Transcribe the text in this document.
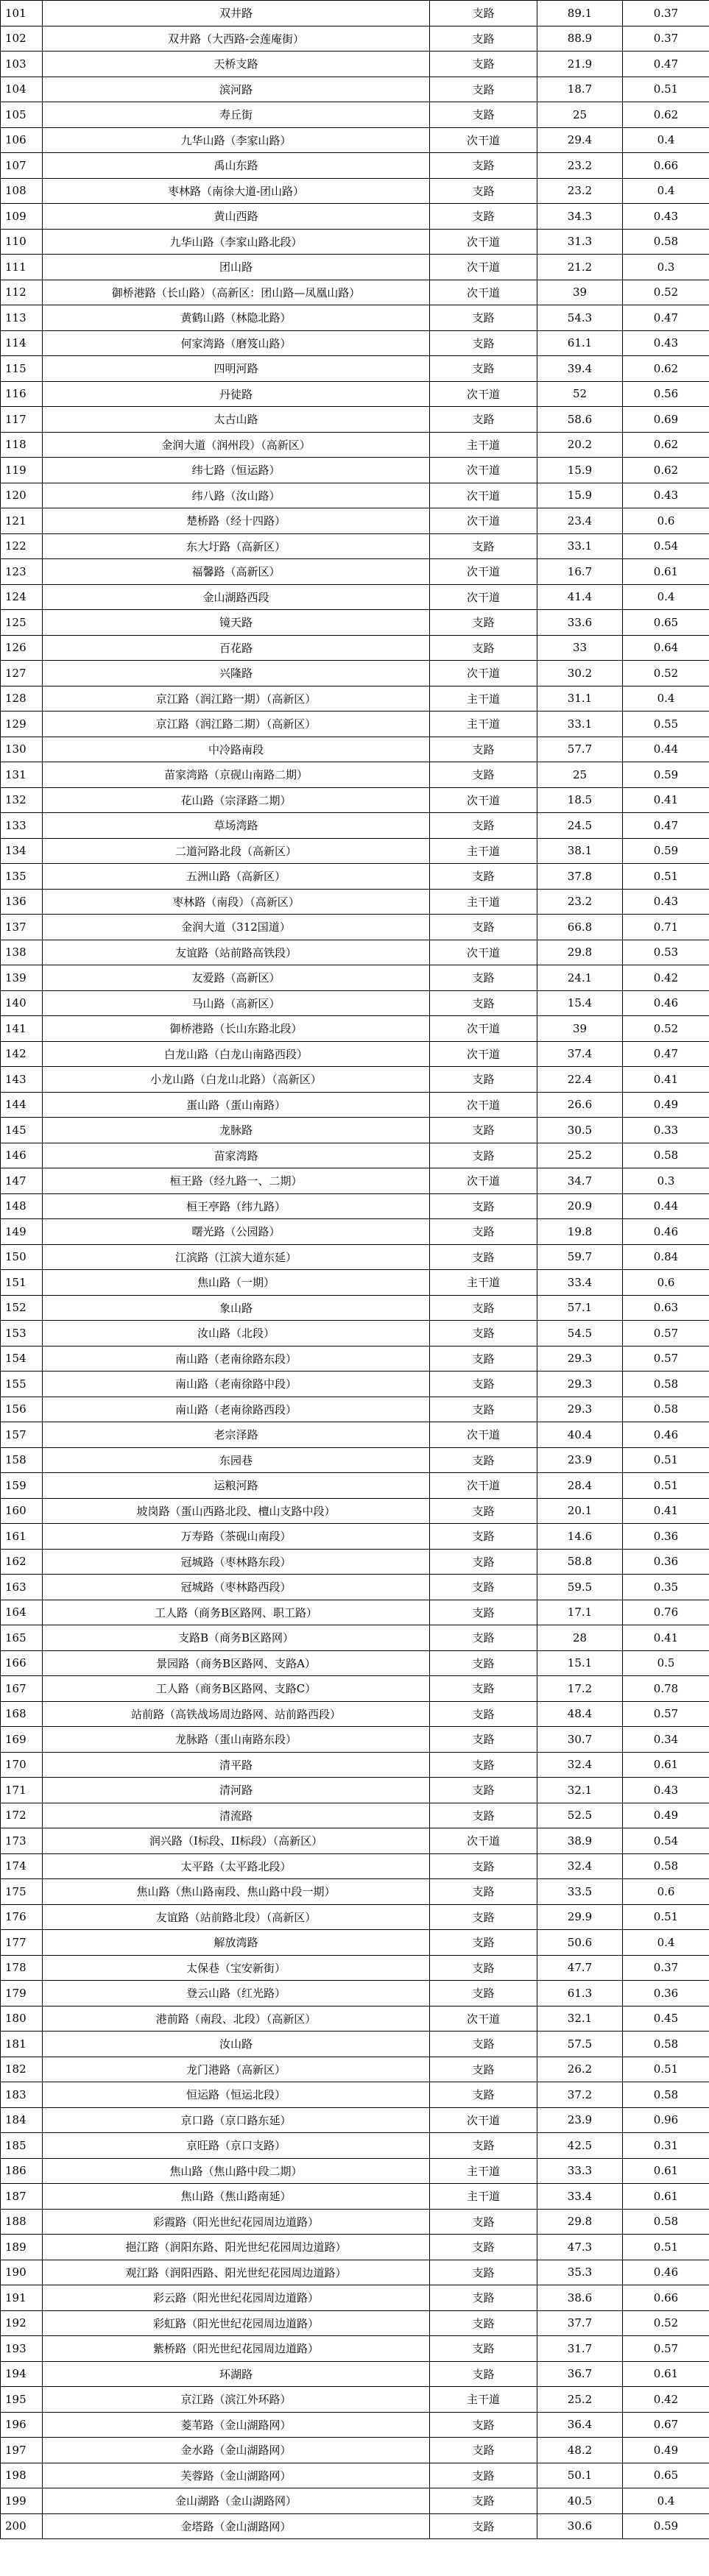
101	双井路	支路	89.1	0.37
102	双井路（大西路-会莲庵街）	支路	88.9	0.37
103	天桥支路	支路	21.9	0.47
104	滨河路	支路	18.7	0.51
105	寿丘街	支路	25	0.62
106	九华山路（李家山路）	次干道	29.4	0.4
107	禹山东路	支路	23.2	0.66
108	枣林路（南徐大道-团山路）	支路	23.2	0.4
109	黄山西路	支路	34.3	0.43
110	九华山路（李家山路北段）	次干道	31.3	0.58
111	团山路	次干道	21.2	0.3
112	御桥港路（长山路）（高新区：团山路—凤凰山路）	次干道	39	0.52
113	黄鹤山路（林隐北路）	支路	54.3	0.47
114	何家湾路（磨笈山路）	支路	61.1	0.43
115	四明河路	支路	39.4	0.62
116	丹徒路	次干道	52	0.56
117	太古山路	支路	58.6	0.69
118	金润大道（润州段）（高新区）	主干道	20.2	0.62
119	纬七路（恒运路）	次干道	15.9	0.62
120	纬八路（汝山路）	次干道	15.9	0.43
121	楚桥路（经十四路）	次干道	23.4	0.6
122	东大圩路（高新区）	支路	33.1	0.54
123	福馨路（高新区）	次干道	16.7	0.61
124	金山湖路西段	次干道	41.4	0.4
125	镜天路	支路	33.6	0.65
126	百花路	支路	33	0.64
127	兴隆路	次干道	30.2	0.52
128	京江路（润江路一期）（高新区）	主干道	31.1	0.4
129	京江路（润江路二期）（高新区）	主干道	33.1	0.55
130	中冷路南段	支路	57.7	0.44
131	苗家湾路（京砚山南路二期）	支路	25	0.59
132	花山路（宗泽路二期）	次干道	18.5	0.41
133	草场湾路	支路	24.5	0.47
134	二道河路北段（高新区）	主干道	38.1	0.59
135	五洲山路（高新区）	支路	37.8	0.51
136	枣林路（南段）（高新区）	主干道	23.2	0.43
137	金润大道（312国道）	支路	66.8	0.71
138	友谊路（站前路高铁段）	次干道	29.8	0.53
139	友爱路（高新区）	支路	24.1	0.42
140	马山路（高新区）	支路	15.4	0.46
141	御桥港路（长山东路北段）	次干道	39	0.52
142	白龙山路（白龙山南路西段）	次干道	37.4	0.47
143	小龙山路（白龙山北路）（高新区）	支路	22.4	0.41
144	蛋山路（蛋山南路）	次干道	26.6	0.49
145	龙脉路	支路	30.5	0.33
146	苗家湾路	支路	25.2	0.58
147	桓王路（经九路一、二期）	次干道	34.7	0.3
148	桓王亭路（纬九路）	支路	20.9	0.44
149	曙光路（公园路）	支路	19.8	0.46
150	江滨路（江滨大道东延）	支路	59.7	0.84
151	焦山路（一期）	主干道	33.4	0.6
152	象山路	支路	57.1	0.63
153	汝山路（北段）	支路	54.5	0.57
154	南山路（老南徐路东段）	支路	29.3	0.57
155	南山路（老南徐路中段）	支路	29.3	0.58
156	南山路（老南徐路西段）	支路	29.3	0.58
157	老宗泽路	次干道	40.4	0.46
158	东园巷	支路	23.9	0.51
159	运粮河路	次干道	28.4	0.51
160	坡岗路（蛋山西路北段、檀山支路中段）	支路	20.1	0.41
161	万寿路（茶砚山南段）	支路	14.6	0.36
162	冠城路（枣林路东段）	支路	58.8	0.36
163	冠城路（枣林路西段）	支路	59.5	0.35
164	工人路（商务B区路网、职工路）	支路	17.1	0.76
165	支路B（商务B区路网）	支路	28	0.41
166	景园路（商务B区路网、支路A）	支路	15.1	0.5
167	工人路（商务B区路网、支路C）	支路	17.2	0.78
168	站前路（高铁战场周边路网、站前路西段）	支路	48.4	0.57
169	龙脉路（蛋山南路东段）	支路	30.7	0.34
170	清平路	支路	32.4	0.61
171	清河路	支路	32.1	0.43
172	清流路	支路	52.5	0.49
173	润兴路（I标段、II标段）（高新区）	次干道	38.9	0.54
174	太平路（太平路北段）	支路	32.4	0.58
175	焦山路（焦山路南段、焦山路中段一期）	支路	33.5	0.6
176	友谊路（站前路北段）（高新区）	支路	29.9	0.51
177	解放湾路	支路	50.6	0.4
178	太保巷（宝安新街）	支路	47.7	0.37
179	登云山路（红光路）	支路	61.3	0.36
180	港前路（南段、北段）（高新区）	次干道	32.1	0.45
181	汝山路	支路	57.5	0.58
182	龙门港路（高新区）	支路	26.2	0.51
183	恒运路（恒运北段）	支路	37.2	0.58
184	京口路（京口路东延）	次干道	23.9	0.96
185	京旺路（京口支路）	支路	42.5	0.31
186	焦山路（焦山路中段二期）	主干道	33.3	0.61
187	焦山路（焦山路南延）	主干道	33.4	0.61
188	彩霞路（阳光世纪花园周边道路）	支路	29.8	0.58
189	挹江路（润阳东路、阳光世纪花园周边道路）	支路	47.3	0.51
190	观江路（润阳西路、阳光世纪花园周边道路）	支路	35.3	0.46
191	彩云路（阳光世纪花园周边道路）	支路	38.6	0.66
192	彩虹路（阳光世纪花园周边道路）	支路	37.7	0.52
193	紫桥路（阳光世纪花园周边道路）	支路	31.7	0.57
194	环湖路	支路	36.7	0.61
195	京江路（滨江外环路）	主干道	25.2	0.42
196	菱苇路（金山湖路网）	支路	36.4	0.67
197	金水路（金山湖路网）	支路	48.2	0.49
198	芙蓉路（金山湖路网）	支路	50.1	0.65
199	金山湖路（金山湖路网）	支路	40.5	0.4
200	金塔路（金山湖路网）	支路	30.6	0.59
